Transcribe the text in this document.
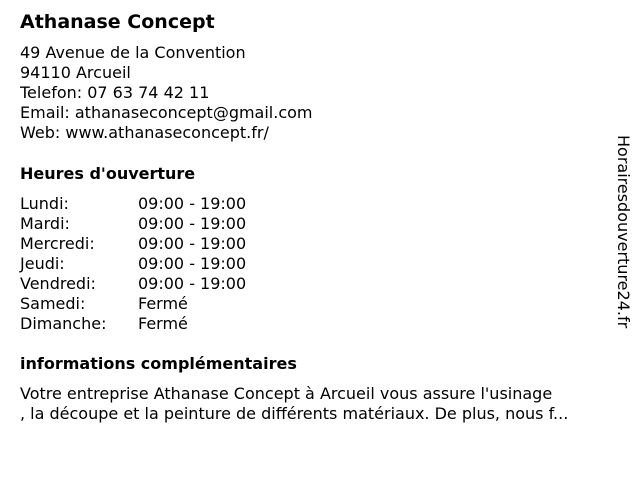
Athanase Concept
49 Avenue de la Convention
94110 Arcueil
Telefon: 07 63 74 42 11
Email: athanaseconcept@gmail.com
Web: www.athanaseconcept.fr/
Heures d'ouverture
Lundi:	09:00 - 19:00
Mardi:	09:00 - 19:00
Mercredi:	09:00 - 19:00
Jeudi:	09:00 - 19:00
Vendredi:	09:00 - 19:00
Samedi:	Fermé
Dimanche:	Fermé
informations complémentaires
Votre entreprise Athanase Concept à Arcueil vous assure l'usinage
, la découpe et la peinture de différents matériaux. De plus, nous f...
Horairesdouverture24.fr
